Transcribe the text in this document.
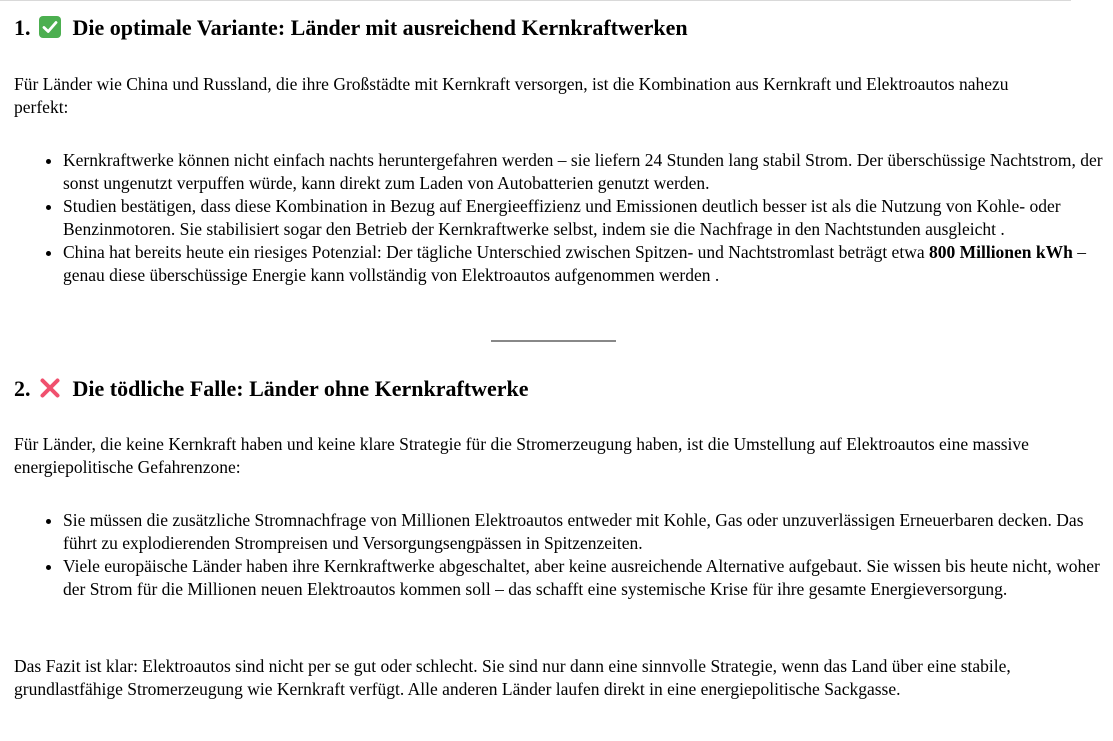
1. Die optimale Variante: Länder mit ausreichend Kernkraftwerken

Für Länder wie China und Russland, die ihre Großstädte mit Kernkraft versorgen, ist die Kombination aus Kernkraft und Elektroautos nahezu perfekt:

• Kernkraftwerke können nicht einfach nachts heruntergefahren werden – sie liefern 24 Stunden lang stabil Strom. Der überschüssige Nachtstrom, der sonst ungenutzt verpuffen würde, kann direkt zum Laden von Autobatterien genutzt werden.
• Studien bestätigen, dass diese Kombination in Bezug auf Energieeffizienz und Emissionen deutlich besser ist als die Nutzung von Kohle- oder Benzinmotoren. Sie stabilisiert sogar den Betrieb der Kernkraftwerke selbst, indem sie die Nachfrage in den Nachtstunden ausgleicht .
• China hat bereits heute ein riesiges Potenzial: Der tägliche Unterschied zwischen Spitzen- und Nachtstromlast beträgt etwa 800 Millionen kWh – genau diese überschüssige Energie kann vollständig von Elektroautos aufgenommen werden .
2. Die tödliche Falle: Länder ohne Kernkraftwerke

Für Länder, die keine Kernkraft haben und keine klare Strategie für die Stromerzeugung haben, ist die Umstellung auf Elektroautos eine massive energiepolitische Gefahrenzone:

• Sie müssen die zusätzliche Stromnachfrage von Millionen Elektroautos entweder mit Kohle, Gas oder unzuverlässigen Erneuerbaren decken. Das führt zu explodierenden Strompreisen und Versorgungsengpässen in Spitzenzeiten.
• Viele europäische Länder haben ihre Kernkraftwerke abgeschaltet, aber keine ausreichende Alternative aufgebaut. Sie wissen bis heute nicht, woher der Strom für die Millionen neuen Elektroautos kommen soll – das schafft eine systemische Krise für ihre gesamte Energieversorgung.

Das Fazit ist klar: Elektroautos sind nicht per se gut oder schlecht. Sie sind nur dann eine sinnvolle Strategie, wenn das Land über eine stabile, grundlastfähige Stromerzeugung wie Kernkraft verfügt. Alle anderen Länder laufen direkt in eine energiepolitische Sackgasse.
